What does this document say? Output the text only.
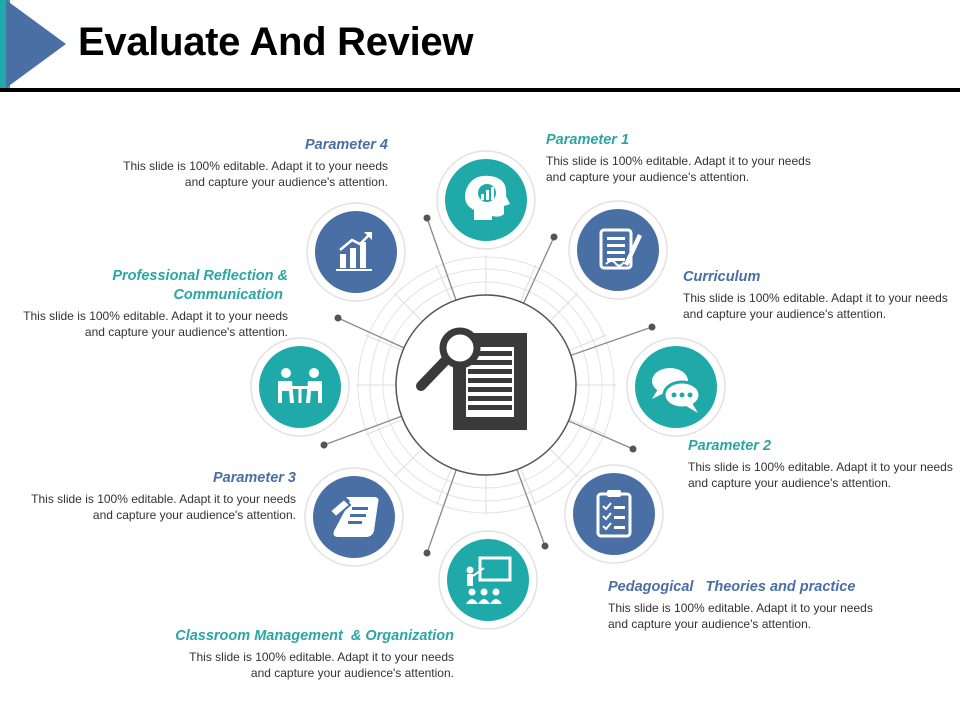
Evaluate And Review
Parameter 1
This slide is 100% editable. Adapt it to your needs and capture your audience's attention.
Curriculum
This slide is 100% editable. Adapt it to your needs and capture your audience's attention.
Parameter 2
This slide is 100% editable. Adapt it to your needs and capture your audience's attention.
Pedagogical   Theories and practice
This slide is 100% editable. Adapt it to your needs and capture your audience's attention.
Classroom Management  & Organization
This slide is 100% editable. Adapt it to your needs and capture your audience's attention.
Parameter 3
This slide is 100% editable. Adapt it to your needs and capture your audience's attention.
Professional Reflection &
Communication
This slide is 100% editable. Adapt it to your needs and capture your audience's attention.
Parameter 4
This slide is 100% editable. Adapt it to your needs and capture your audience's attention.
